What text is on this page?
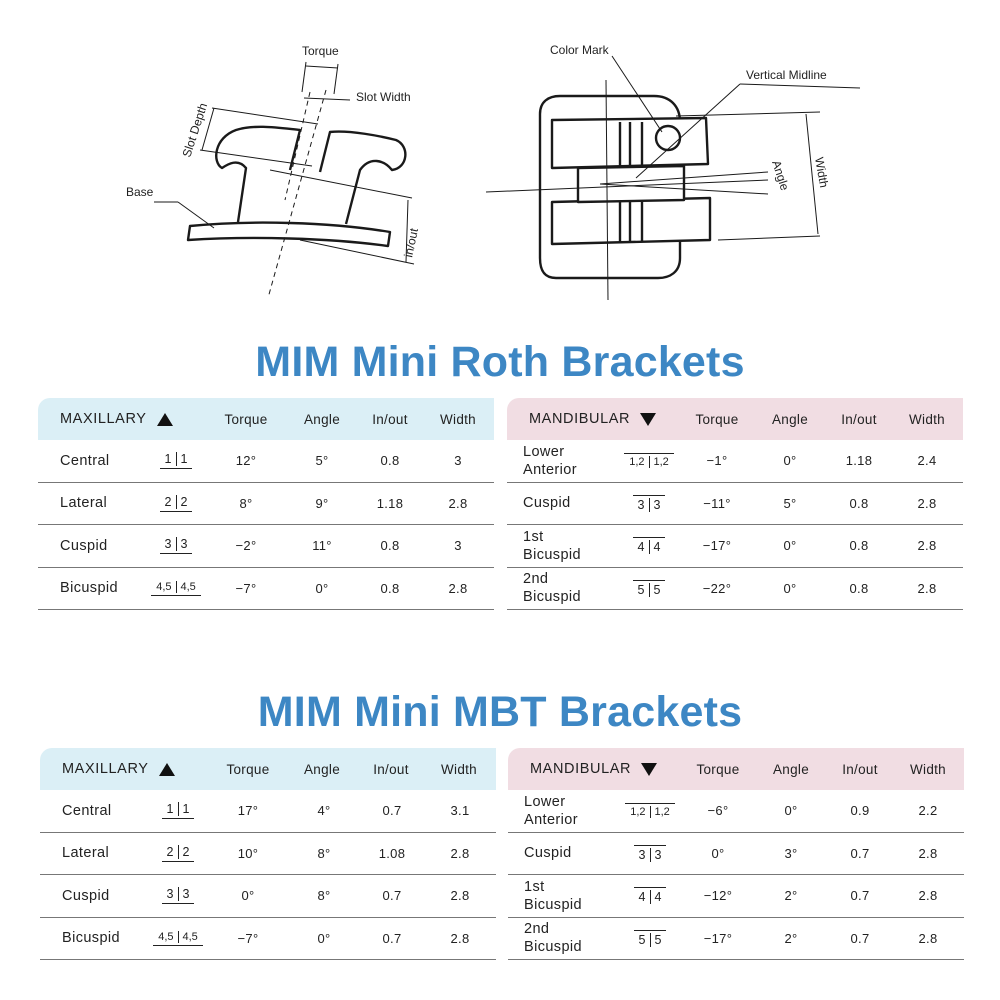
Torque
Slot Width
Slot Depth
Base
in/out
Color Mark
Vertical Midline
Angle Width
MIM Mini Roth Brackets
MAXILLARY	Torque	Angle	In/out	Width
Central	1 1	12°	5°	0.8	3
Lateral	2 2	8°	9°	1.18	2.8
Cuspid	3 3	−2°	11°	0.8	3
Bicuspid	4,5 4,5	−7°	0°	0.8	2.8
MANDIBULAR	Torque	Angle	In/out	Width
Lower
Anterior	1,2 1,2	−1°	0°	1.18	2.4
Cuspid	3 3	−11°	5°	0.8	2.8
1st
Bicuspid	4 4	−17°	0°	0.8	2.8
2nd
Bicuspid	5 5	−22°	0°	0.8	2.8
MIM Mini MBT Brackets
MAXILLARY	Torque	Angle	In/out	Width
Central	1 1	17°	4°	0.7	3.1
Lateral	2 2	10°	8°	1.08	2.8
Cuspid	3 3	0°	8°	0.7	2.8
Bicuspid	4,5 4,5	−7°	0°	0.7	2.8
MANDIBULAR	Torque	Angle	In/out	Width
Lower
Anterior	1,2 1,2	−6°	0°	0.9	2.2
Cuspid	3 3	0°	3°	0.7	2.8
1st
Bicuspid	4 4	−12°	2°	0.7	2.8
2nd
Bicuspid	5 5	−17°	2°	0.7	2.8
